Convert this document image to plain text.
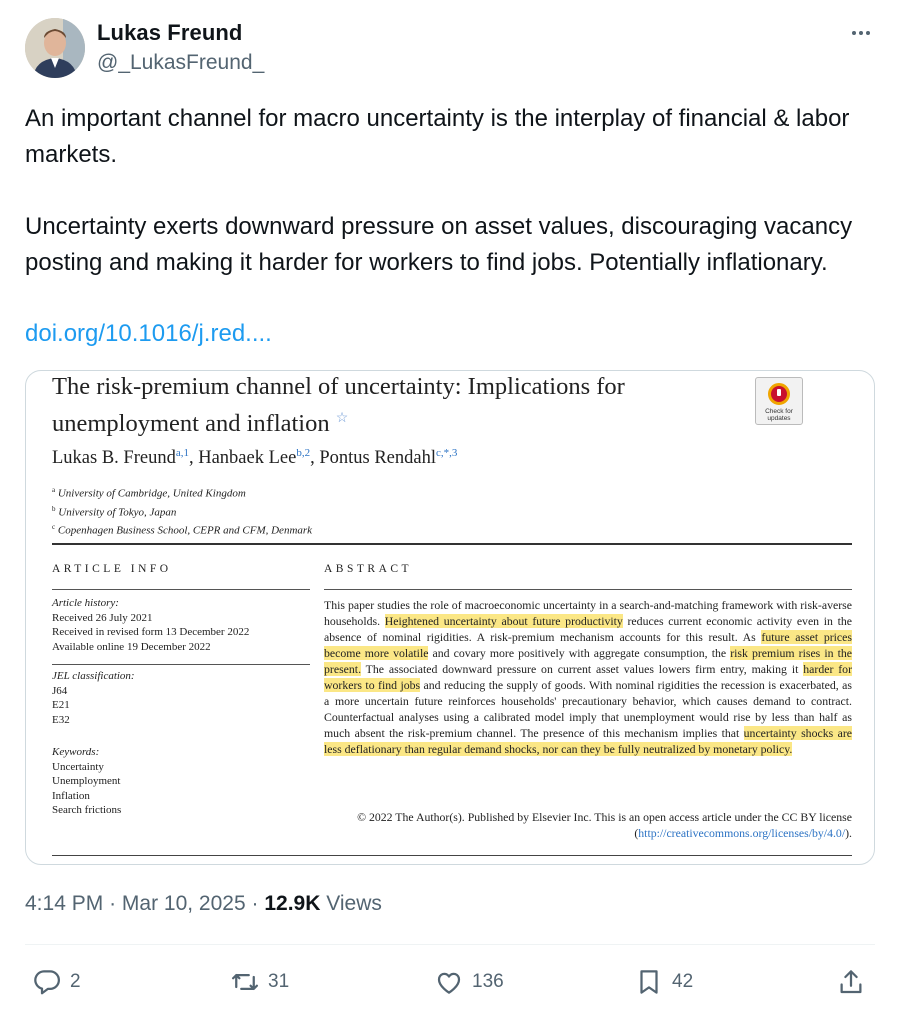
Lukas Freund
@_LukasFreund_

An important channel for macro uncertainty is the interplay of financial & labor markets.

Uncertainty exerts downward pressure on asset values, discouraging vacancy posting and making it harder for workers to find jobs. Potentially inflationary.

doi.org/10.1016/j.red....
The risk-premium channel of uncertainty: Implications for unemployment and inflation ☆	Check for updates
Lukas B. Freund$^{a,1}$, Hanbaek Lee$^{b,2}$, Pontus Rendahl$^{c,*,3}$
$^a$ University of Cambridge, United Kingdom
$^b$ University of Tokyo, Japan
$^c$ Copenhagen Business School, CEPR and CFM, Denmark
ARTICLE INFO	ABSTRACT
Article history:
Received 26 July 2021
Received in revised form 13 December 2022
Available online 19 December 2022
JEL classification:
J64
E21
E32
Keywords:
Uncertainty
Unemployment
Inflation
Search frictions
This paper studies the role of macroeconomic uncertainty in a search-and-matching framework with risk-averse households. Heightened uncertainty about future productivity reduces current economic activity even in the absence of nominal rigidities. A risk-premium mechanism accounts for this result. As future asset prices become more volatile and covary more positively with aggregate consumption, the risk premium rises in the present. The associated downward pressure on current asset values lowers firm entry, making it harder for workers to find jobs and reducing the supply of goods. With nominal rigidities the recession is exacerbated, as a more uncertain future reinforces households' precautionary behavior, which causes demand to contract. Counterfactual analyses using a calibrated model imply that unemployment would rise by less than half as much absent the risk-premium channel. The presence of this mechanism implies that uncertainty shocks are less deflationary than regular demand shocks, nor can they be fully neutralized by monetary policy.
© 2022 The Author(s). Published by Elsevier Inc. This is an open access article under the CC BY license (http://creativecommons.org/licenses/by/4.0/).
4:14 PM · Mar 10, 2025 · 12.9K Views
2	31	136	42
